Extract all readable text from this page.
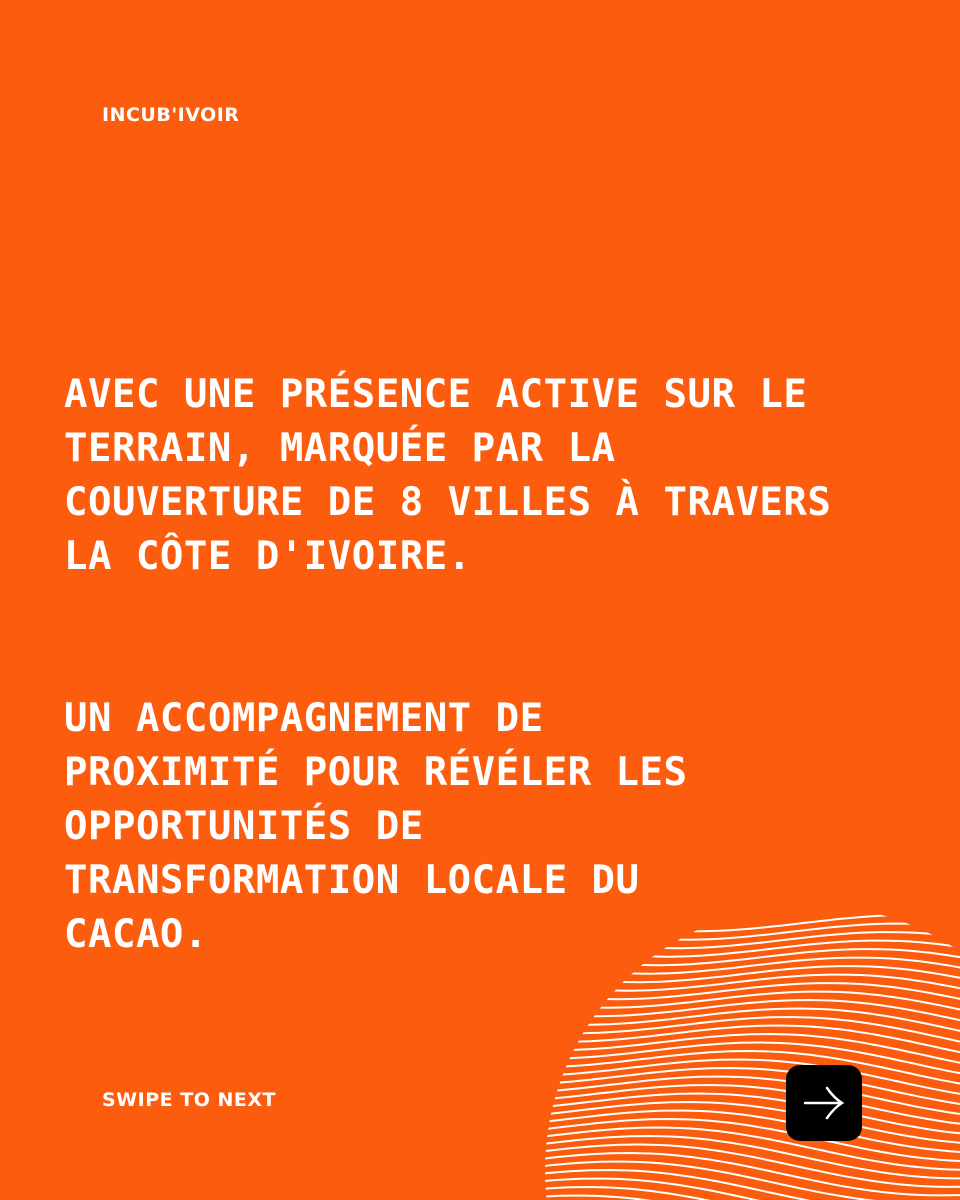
INCUB'IVOIR

AVEC UNE PRÉSENCE ACTIVE SUR LE
TERRAIN, MARQUÉE PAR LA
COUVERTURE DE 8 VILLES À TRAVERS
LA CÔTE D'IVOIRE.

UN ACCOMPAGNEMENT DE
PROXIMITÉ POUR RÉVÉLER LES
OPPORTUNITÉS DE
TRANSFORMATION LOCALE DU
CACAO.

SWIPE TO NEXT
